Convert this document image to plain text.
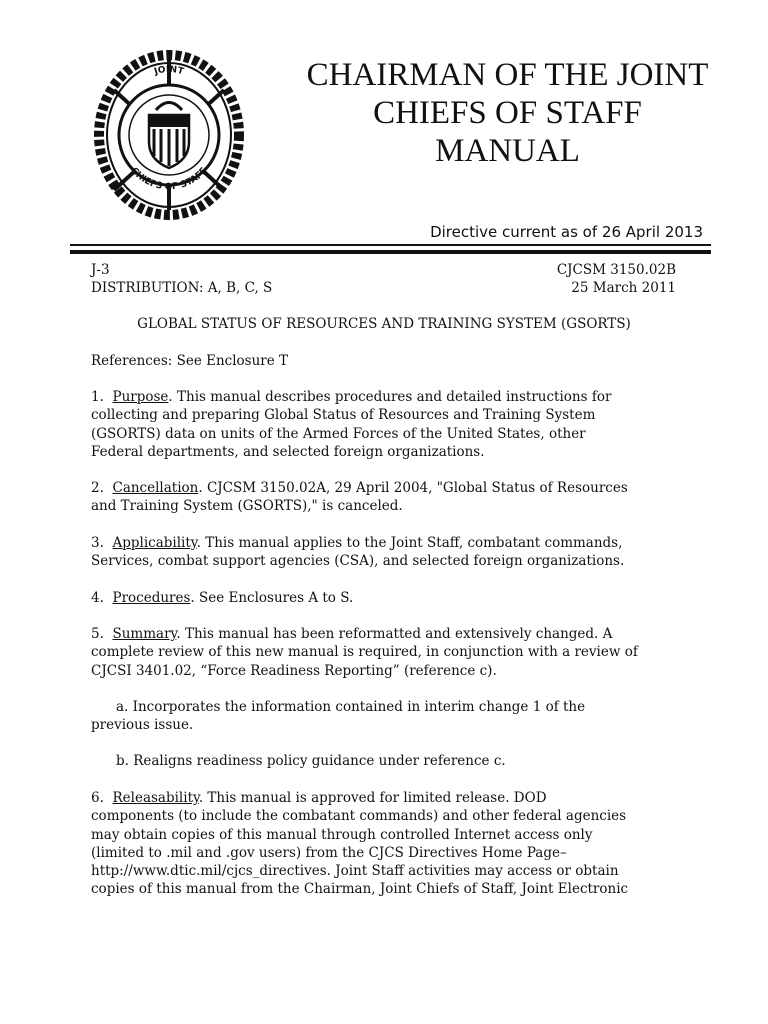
JOINT
CHIEFS OF STAFF
CHAIRMAN OF THE JOINT
CHIEFS OF STAFF
MANUAL
Directive current as of 26 April 2013
J-3
DISTRIBUTION: A, B, C, S
CJCSM 3150.02B
25 March 2011
GLOBAL STATUS OF RESOURCES AND TRAINING SYSTEM (GSORTS)
References: See Enclosure T
1. Purpose. This manual describes procedures and detailed instructions for
collecting and preparing Global Status of Resources and Training System
(GSORTS) data on units of the Armed Forces of the United States, other
Federal departments, and selected foreign organizations.
2. Cancellation. CJCSM 3150.02A, 29 April 2004, "Global Status of Resources
and Training System (GSORTS)," is canceled.
3. Applicability. This manual applies to the Joint Staff, combatant commands,
Services, combat support agencies (CSA), and selected foreign organizations.
4. Procedures. See Enclosures A to S.
5. Summary. This manual has been reformatted and extensively changed. A
complete review of this new manual is required, in conjunction with a review of
CJCSI 3401.02, “Force Readiness Reporting” (reference c).
a. Incorporates the information contained in interim change 1 of the
previous issue.
b. Realigns readiness policy guidance under reference c.
6. Releasability. This manual is approved for limited release. DOD
components (to include the combatant commands) and other federal agencies
may obtain copies of this manual through controlled Internet access only
(limited to .mil and .gov users) from the CJCS Directives Home Page–
http://www.dtic.mil/cjcs_directives. Joint Staff activities may access or obtain
copies of this manual from the Chairman, Joint Chiefs of Staff, Joint Electronic
